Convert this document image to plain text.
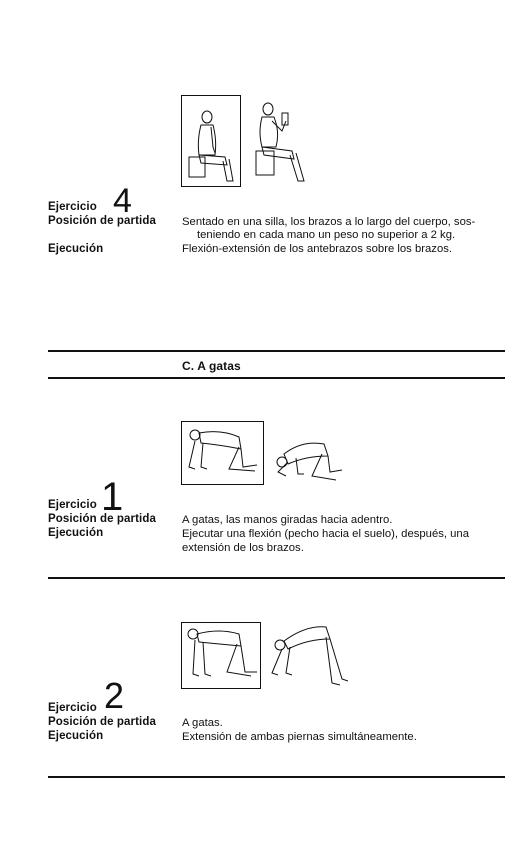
Ejercicio 4
Posición de partida Sentado en una silla, los brazos a lo largo del cuerpo, sos-
teniendo en cada mano un peso no superior a 2 kg.
Ejecución	Flexión-extensión de los antebrazos sobre los brazos.
C. A gatas
Ejercicio 1
Posición de partida A gatas, las manos giradas hacia adentro.
Ejecución	Ejecutar una flexión (pecho hacia el suelo), después, una
extensión de los brazos.
Ejercicio 2
Posición de partida A gatas.
Ejecución	Extensión de ambas piernas simultáneamente.
